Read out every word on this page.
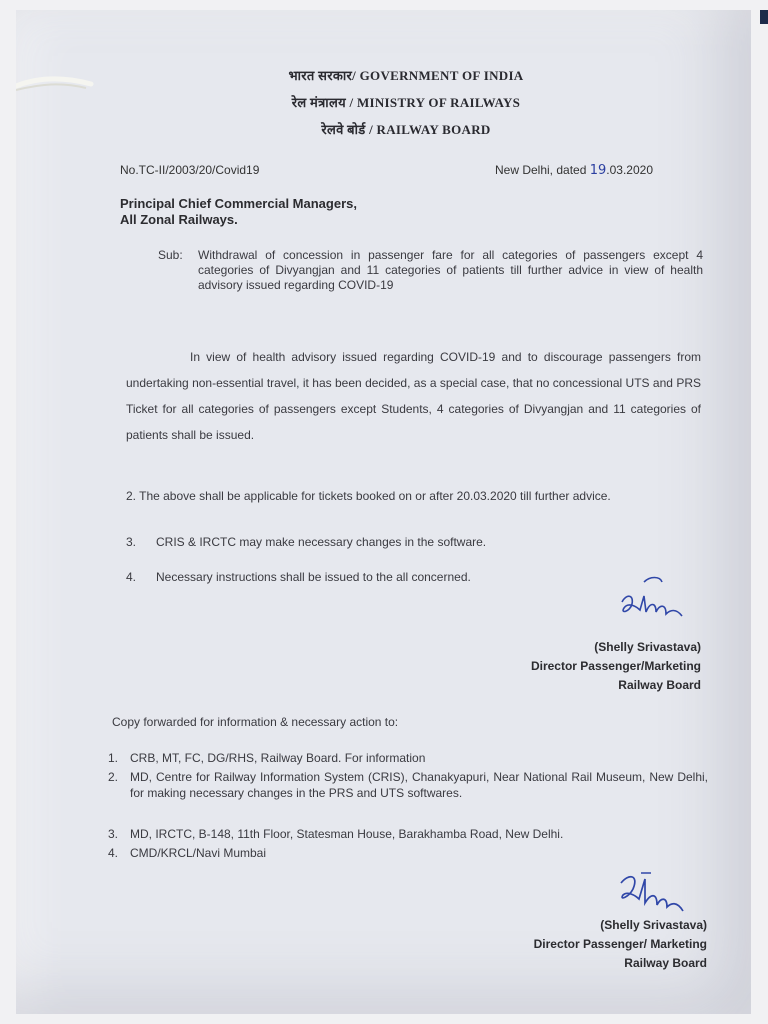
भारत सरकार/ GOVERNMENT OF INDIA

रेल मंत्रालय / MINISTRY OF RAILWAYS

रेलवे बोर्ड / RAILWAY BOARD

No.TC-II/2003/20/Covid19	New Delhi, dated 19.03.2020

Principal Chief Commercial Managers,
All Zonal Railways.
Sub: Withdrawal of concession in passenger fare for all categories of passengers except 4 categories of Divyangjan and 11 categories of patients till further advice in view of health advisory issued regarding COVID-19

In view of health advisory issued regarding COVID-19 and to discourage passengers from undertaking non-essential travel, it has been decided, as a special case, that no concessional UTS and PRS Ticket for all categories of passengers except Students, 4 categories of Divyangjan and 11 categories of patients shall be issued.

2. The above shall be applicable for tickets booked on or after 20.03.2020 till further advice.

3. CRIS & IRCTC may make necessary changes in the software.
4. Necessary instructions shall be issued to the all concerned.
(Shelly Srivastava)
Director Passenger/Marketing
Railway Board

Copy forwarded for information & necessary action to:

1. CRB, MT, FC, DG/RHS, Railway Board. For information
2. MD, Centre for Railway Information System (CRIS), Chanakyapuri, Near National Rail Museum, New Delhi, for making necessary changes in the PRS and UTS softwares.
3. MD, IRCTC, B-148, 11th Floor, Statesman House, Barakhamba Road, New Delhi.
4. CMD/KRCL/Navi Mumbai
(Shelly Srivastava)
Director Passenger/ Marketing
Railway Board
